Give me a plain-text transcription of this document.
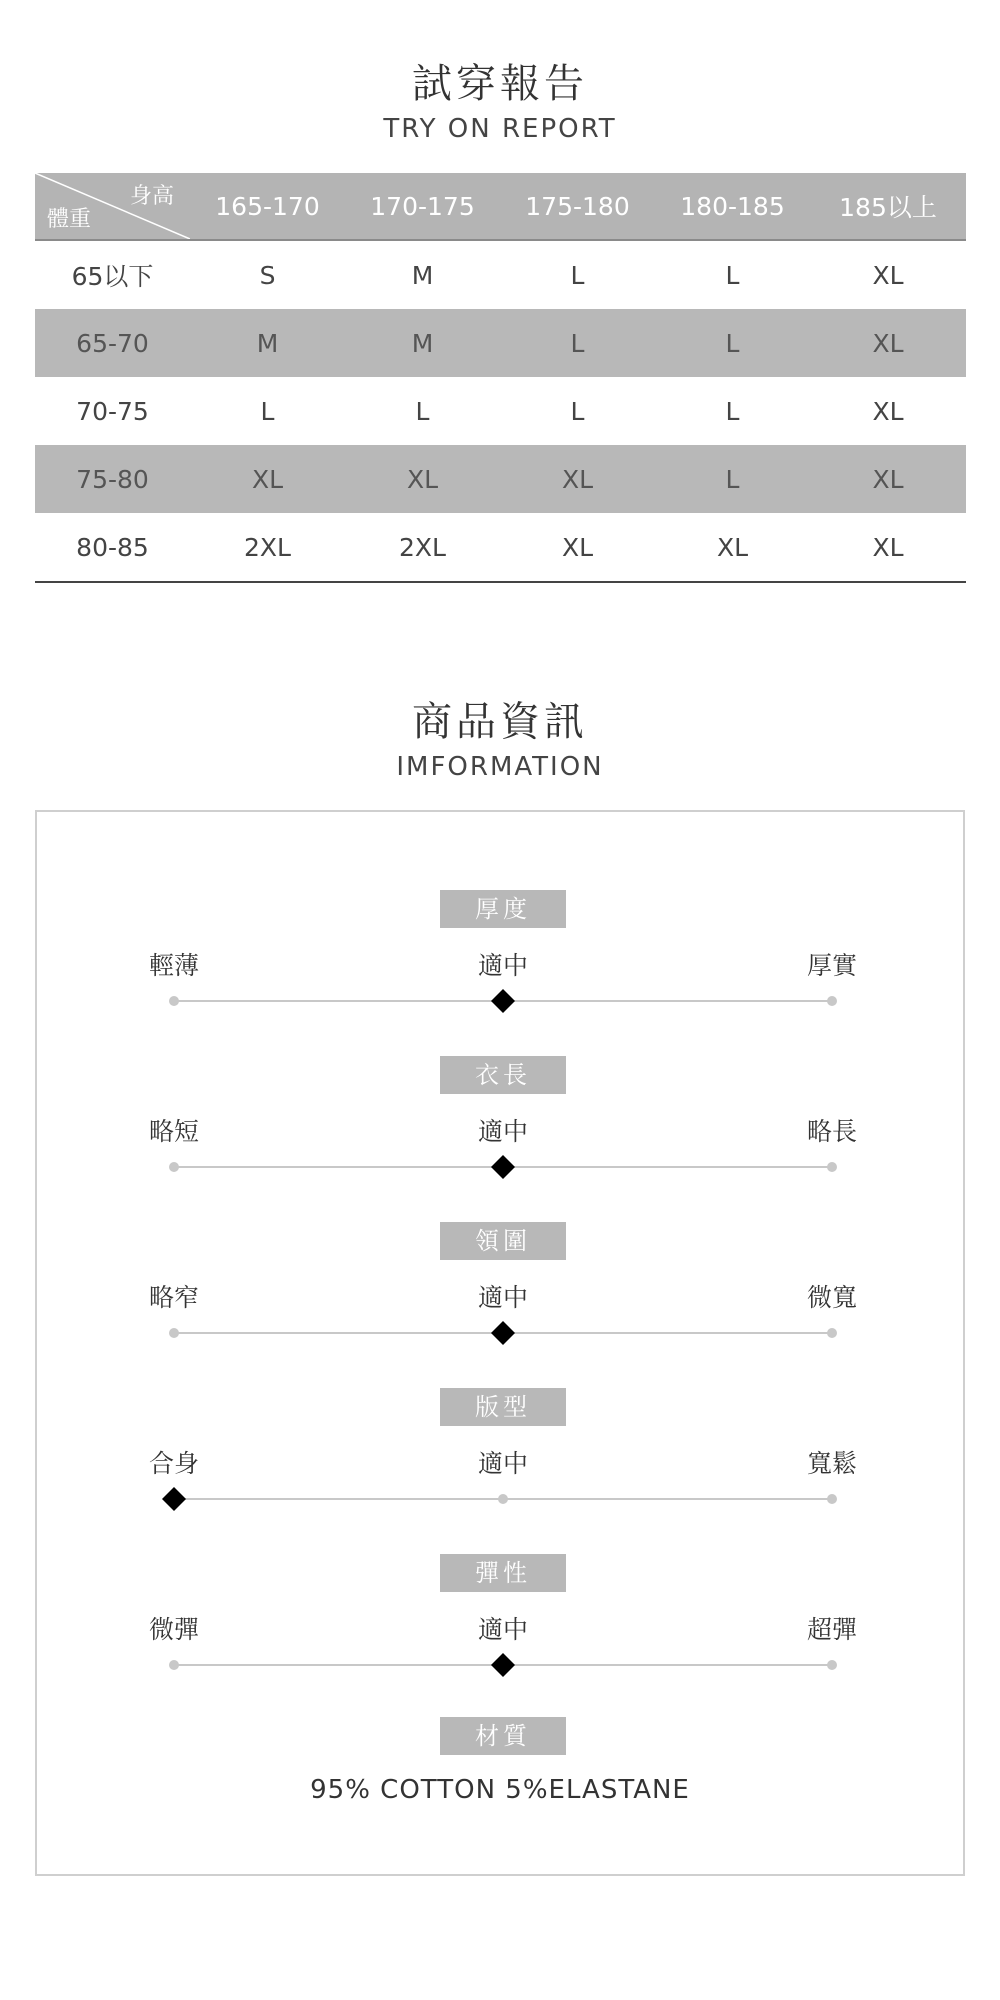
試穿報告
TRY ON REPORT
身高
體重	165-170	170-175	175-180	180-185	185以上
65以下	S	M	L	L	XL
65-70	M	M	L	L	XL
70-75	L	L	L	L	XL
75-80	XL	XL	XL	L	XL
80-85	2XL	2XL	XL	XL	XL
商品資訊
IMFORMATION
厚度
輕薄	適中	厚實
衣長
略短	適中	略長
領圍
略窄	適中	微寬
版型
合身	適中	寬鬆
彈性
微彈	適中	超彈
材質
95% COTTON 5%ELASTANE
